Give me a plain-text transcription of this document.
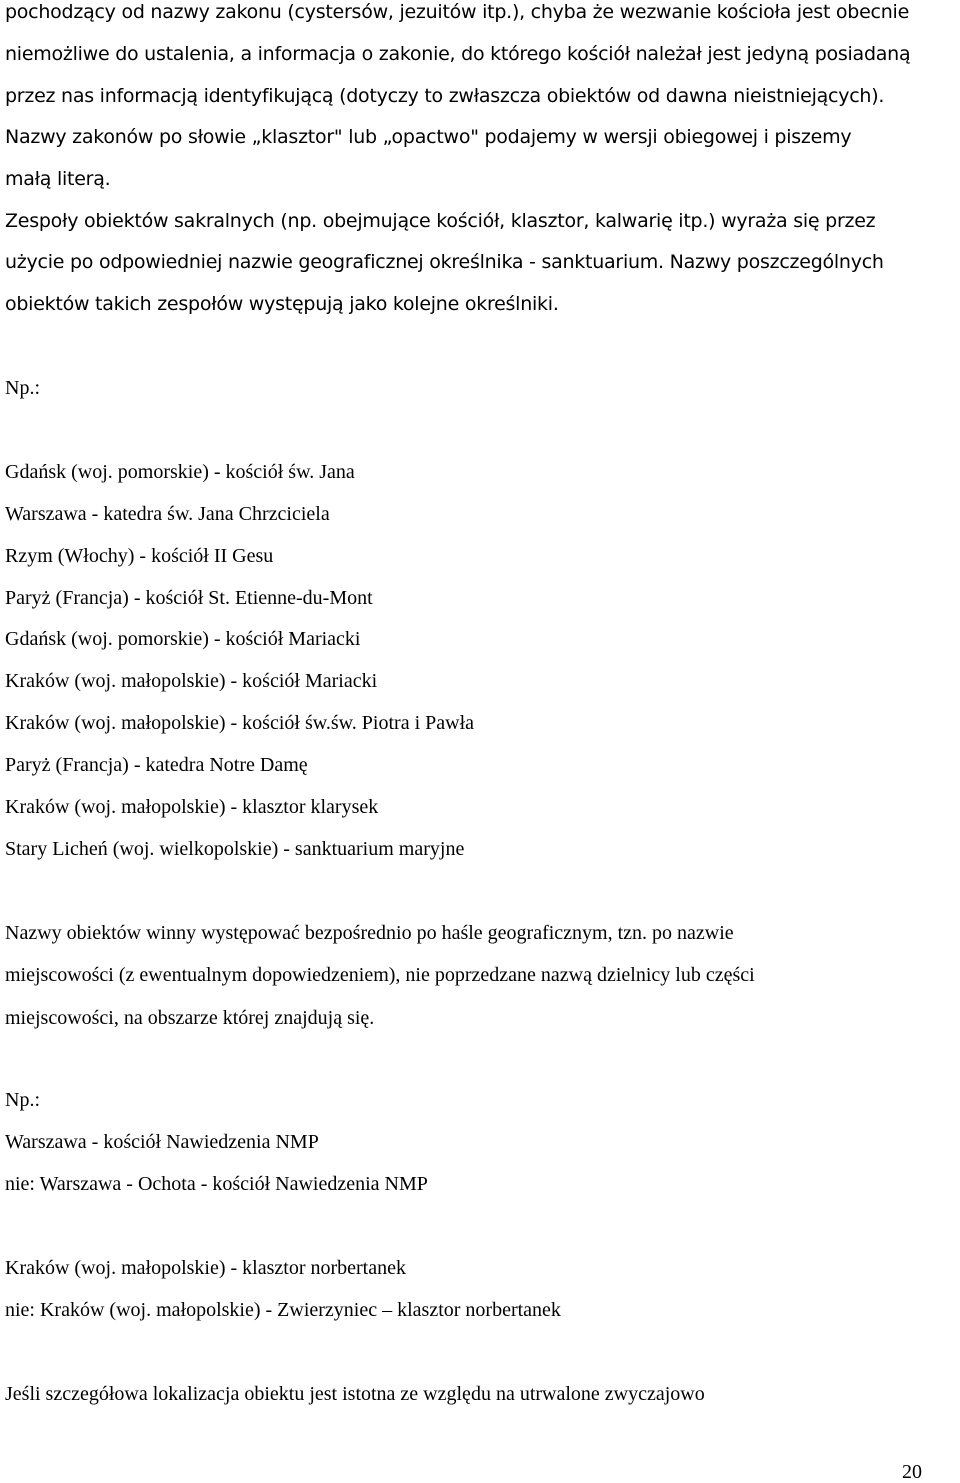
pochodzący od nazwy zakonu (cystersów, jezuitów itp.), chyba że wezwanie kościoła jest obecnie
niemożliwe do ustalenia, a informacja o zakonie, do którego kościół należał jest jedyną posiadaną
przez nas informacją identyfikującą (dotyczy to zwłaszcza obiektów od dawna nieistniejących).
Nazwy zakonów po słowie „klasztor" lub „opactwo" podajemy w wersji obiegowej i piszemy
małą literą.
Zespoły obiektów sakralnych (np. obejmujące kościół, klasztor, kalwarię itp.) wyraża się przez
użycie po odpowiedniej nazwie geograficznej określnika - sanktuarium. Nazwy poszczególnych
obiektów takich zespołów występują jako kolejne określniki.
Np.:
Gdańsk (woj. pomorskie) - kościół św. Jana
Warszawa - katedra św. Jana Chrzciciela
Rzym (Włochy) - kościół II Gesu
Paryż (Francja) - kościół St. Etienne-du-Mont
Gdańsk (woj. pomorskie) - kościół Mariacki
Kraków (woj. małopolskie) - kościół Mariacki
Kraków (woj. małopolskie) - kościół św.św. Piotra i Pawła
Paryż (Francja) - katedra Notre Damę
Kraków (woj. małopolskie) - klasztor klarysek
Stary Licheń (woj. wielkopolskie) - sanktuarium maryjne
Nazwy obiektów winny występować bezpośrednio po haśle geograficznym, tzn. po nazwie
miejscowości (z ewentualnym dopowiedzeniem), nie poprzedzane nazwą dzielnicy lub części
miejscowości, na obszarze której znajdują się.
Np.:
Warszawa - kościół Nawiedzenia NMP
nie: Warszawa - Ochota - kościół Nawiedzenia NMP
Kraków (woj. małopolskie) - klasztor norbertanek
nie: Kraków (woj. małopolskie) - Zwierzyniec – klasztor norbertanek
Jeśli szczegółowa lokalizacja obiektu jest istotna ze względu na utrwalone zwyczajowo
20
